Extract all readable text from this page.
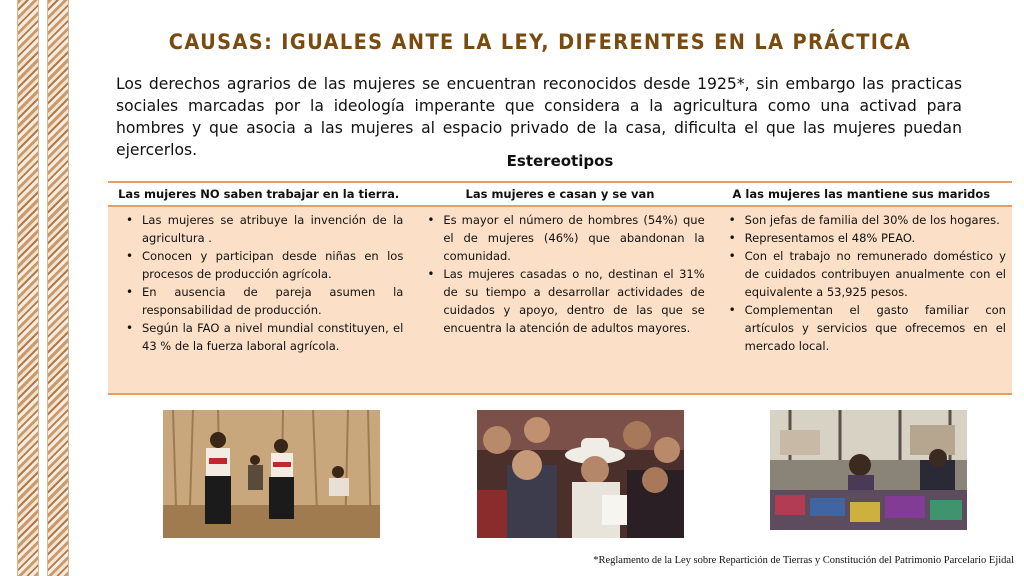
CAUSAS: IGUALES ANTE LA LEY, DIFERENTES EN LA PRÁCTICA
Los derechos agrarios de las mujeres se encuentran reconocidos desde 1925*, sin embargo las practicas sociales marcadas por la ideología imperante que considera a la agricultura como una activad para hombres y que asocia a las mujeres al espacio privado de la casa, dificulta el que las mujeres puedan ejercerlos.
Estereotipos
Las mujeres NO saben trabajar en la tierra.	Las mujeres e casan y se van	A las mujeres las mantiene sus maridos
• Las mujeres se atribuye la invención de la agricultura .
• Conocen y participan desde niñas en los procesos de producción agrícola.
• En ausencia de pareja asumen la responsabilidad de producción.
• Según la FAO a nivel mundial constituyen, el 43 % de la fuerza laboral agrícola.
• Es mayor el número de hombres (54%) que el de mujeres (46%) que abandonan la comunidad.
• Las mujeres casadas o no, destinan el 31% de su tiempo a desarrollar actividades de cuidados y apoyo, dentro de las que se encuentra la atención de adultos mayores.
• Son jefas de familia del 30% de los hogares.
• Representamos el 48% PEAO.
• Con el trabajo no remunerado doméstico y de cuidados contribuyen anualmente con el equivalente a 53,925 pesos.
• Complementan el gasto familiar con artículos y servicios que ofrecemos en el mercado local.
*Reglamento de la Ley sobre Repartición de Tierras y Constitución del Patrimonio Parcelario Ejidal
